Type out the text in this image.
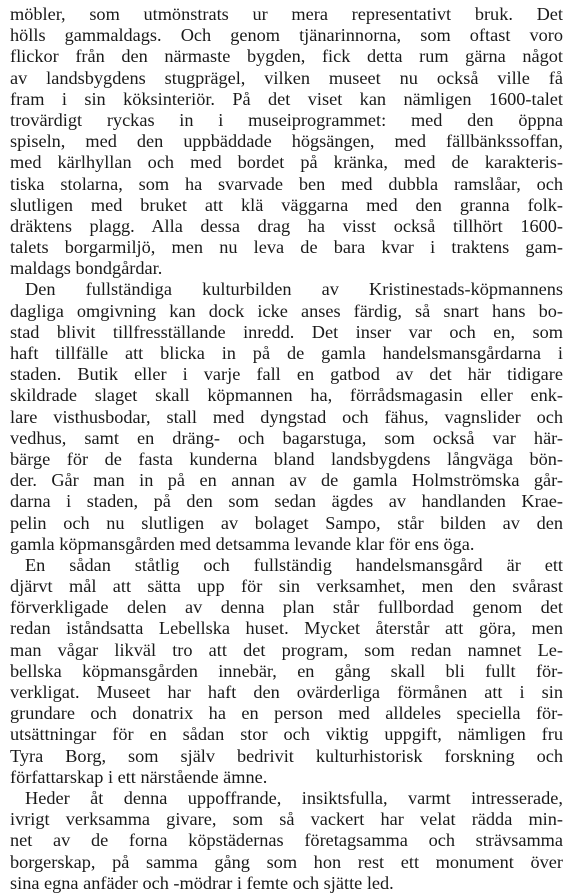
möbler, som utmönstrats ur mera representativt bruk. Det
hölls gammaldags. Och genom tjänarinnorna, som oftast voro
flickor från den närmaste bygden, fick detta rum gärna något
av landsbygdens stugprägel, vilken museet nu också ville få
fram i sin köksinteriör. På det viset kan nämligen 1600-talet
trovärdigt ryckas in i museiprogrammet: med den öppna
spiseln, med den uppbäddade högsängen, med fällbänkssoffan,
med kärlhyllan och med bordet på kränka, med de karakteris-
tiska stolarna, som ha svarvade ben med dubbla ramslåar, och
slutligen med bruket att klä väggarna med den granna folk-
dräktens plagg. Alla dessa drag ha visst också tillhört 1600-
talets borgarmiljö, men nu leva de bara kvar i traktens gam-
maldags bondgårdar.
Den fullständiga kulturbilden av Kristinestads-köpmannens
dagliga omgivning kan dock icke anses färdig, så snart hans bo-
stad blivit tillfresställande inredd. Det inser var och en, som
haft tillfälle att blicka in på de gamla handelsmansgårdarna i
staden. Butik eller i varje fall en gatbod av det här tidigare
skildrade slaget skall köpmannen ha, förrådsmagasin eller enk-
lare visthusbodar, stall med dyngstad och fähus, vagnslider och
vedhus, samt en dräng- och bagarstuga, som också var här-
bärge för de fasta kunderna bland landsbygdens långväga bön-
der. Går man in på en annan av de gamla Holmströmska går-
darna i staden, på den som sedan ägdes av handlanden Krae-
pelin och nu slutligen av bolaget Sampo, står bilden av den
gamla köpmansgården med detsamma levande klar för ens öga.
En sådan ståtlig och fullständig handelsmansgård är ett
djärvt mål att sätta upp för sin verksamhet, men den svårast
förverkligade delen av denna plan står fullbordad genom det
redan iståndsatta Lebellska huset. Mycket återstår att göra, men
man vågar likväl tro att det program, som redan namnet Le-
bellska köpmansgården innebär, en gång skall bli fullt för-
verkligat. Museet har haft den ovärderliga förmånen att i sin
grundare och donatrix ha en person med alldeles speciella för-
utsättningar för en sådan stor och viktig uppgift, nämligen fru
Tyra Borg, som själv bedrivit kulturhistorisk forskning och
författarskap i ett närstående ämne.
Heder åt denna uppoffrande, insiktsfulla, varmt intresserade,
ivrigt verksamma givare, som så vackert har velat rädda min-
net av de forna köpstädernas företagsamma och strävsamma
borgerskap, på samma gång som hon rest ett monument över
sina egna anfäder och -mödrar i femte och sjätte led.
